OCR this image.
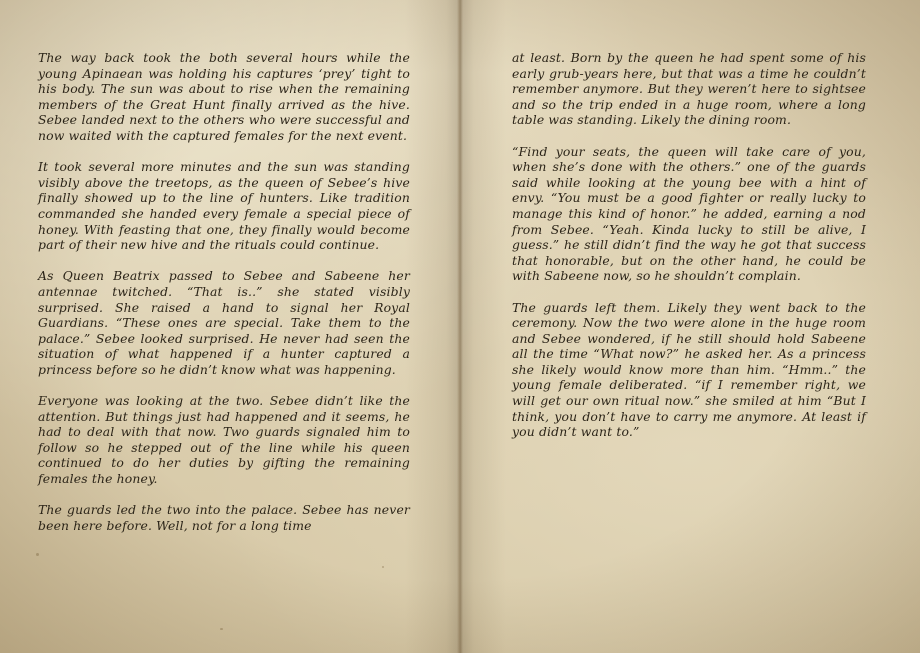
The way back took the both several hours while the young Apinaean was holding his captures ‘prey’ tight to his body. The sun was about to rise when the remaining members of the Great Hunt finally arrived as the hive. Sebee landed next to the others who were successful and now waited with the captured females for the next event.

It took several more minutes and the sun was standing visibly above the treetops, as the queen of Sebee’s hive finally showed up to the line of hunters. Like tradition commanded she handed every female a special piece of honey. With feasting that one, they finally would become part of their new hive and the rituals could continue.

As Queen Beatrix passed to Sebee and Sabeene her antennae twitched. “That is..” she stated visibly surprised. She raised a hand to signal her Royal Guardians. “These ones are special. Take them to the palace.” Sebee looked surprised. He never had seen the situation of what happened if a hunter captured a princess before so he didn’t know what was happening.

Everyone was looking at the two. Sebee didn’t like the attention. But things just had happened and it seems, he had to deal with that now. Two guards signaled him to follow so he stepped out of the line while his queen continued to do her duties by gifting the remaining females the honey.

The guards led the two into the palace. Sebee has never been here before. Well, not for a long time

at least. Born by the queen he had spent some of his early grub-years here, but that was a time he couldn’t remember anymore. But they weren’t here to sightsee and so the trip ended in a huge room, where a long table was standing. Likely the dining room.

“Find your seats, the queen will take care of you, when she’s done with the others.” one of the guards said while looking at the young bee with a hint of envy. “You must be a good fighter or really lucky to manage this kind of honor.” he added, earning a nod from Sebee. “Yeah. Kinda lucky to still be alive, I guess.” he still didn’t find the way he got that success that honorable, but on the other hand, he could be with Sabeene now, so he shouldn’t complain.

The guards left them. Likely they went back to the ceremony. Now the two were alone in the huge room and Sebee wondered, if he still should hold Sabeene all the time “What now?” he asked her. As a princess she likely would know more than him. “Hmm..” the young female deliberated. “if I remember right, we will get our own ritual now.” she smiled at him “But I think, you don’t have to carry me anymore. At least if you didn’t want to.”
